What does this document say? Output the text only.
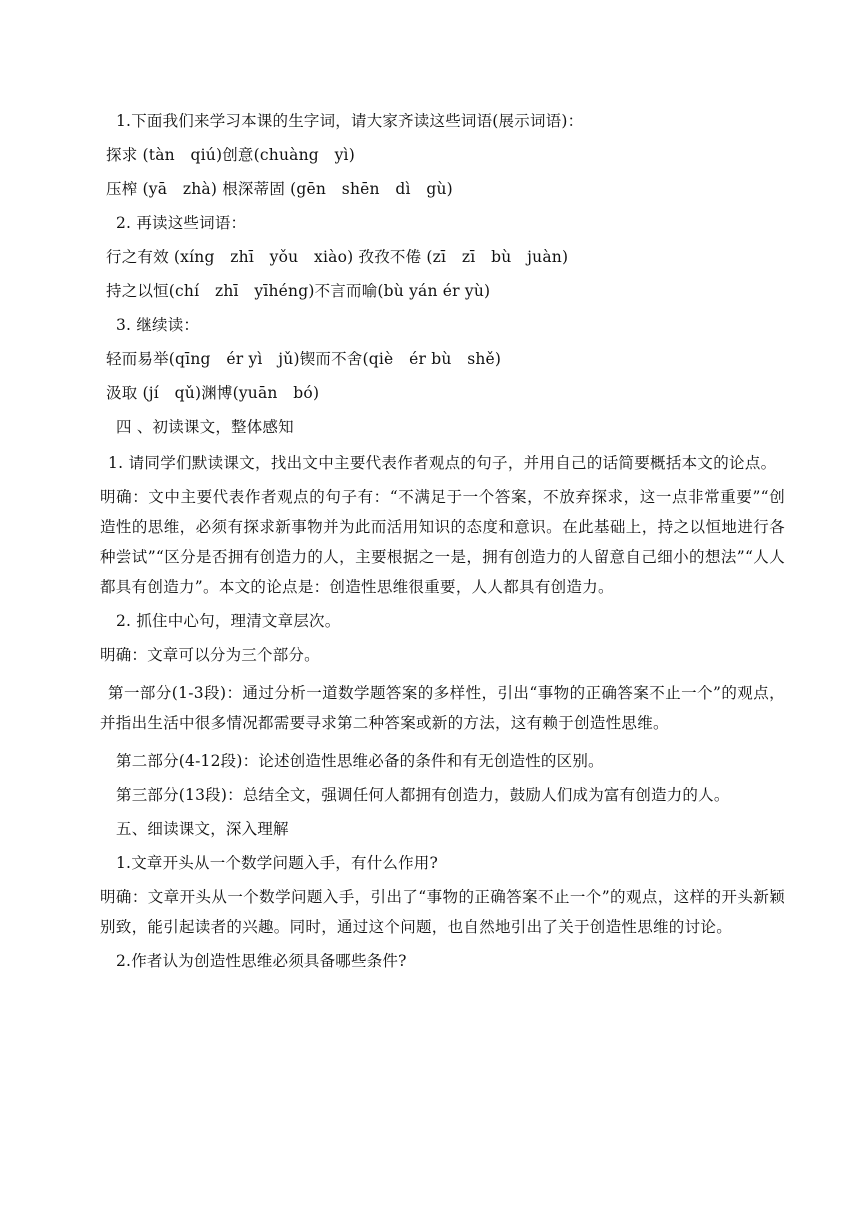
1.下面我们来学习本课的生字词，请大家齐读这些词语(展示词语)：
探求 (tàn　qiú)创意(chuàng　yì)
压榨 (yā　zhà) 根深蒂固 (gēn　shēn　dì　gù)
2. 再读这些词语：
行之有效 (xíng　zhī　yǒu　xiào) 孜孜不倦 (zī　zī　bù　juàn)
持之以恒(chí　zhī　yīhéng)不言而喻(bù yán ér yù)
3. 继续读：
轻而易举(qīng　ér yì　jǔ)锲而不舍(qiè　ér bù　shě)
汲取 (jí　qǔ)渊博(yuān　bó)
四 、初读课文，整体感知
1. 请同学们默读课文，找出文中主要代表作者观点的句子，并用自己的话简要概括本文的论点。
明确：文中主要代表作者观点的句子有：“不满足于一个答案，不放弃探求，这一点非常重要”“创造性的思维，必须有探求新事物并为此而活用知识的态度和意识。在此基础上，持之以恒地进行各种尝试”“区分是否拥有创造力的人，主要根据之一是，拥有创造力的人留意自己细小的想法”“人人都具有创造力”。本文的论点是：创造性思维很重要，人人都具有创造力。
2. 抓住中心句，理清文章层次。
明确：文章可以分为三个部分。
第一部分(1-3段)：通过分析一道数学题答案的多样性，引出“事物的正确答案不止一个”的观点，并指出生活中很多情况都需要寻求第二种答案或新的方法，这有赖于创造性思维。
第二部分(4-12段)：论述创造性思维必备的条件和有无创造性的区别。
第三部分(13段)：总结全文，强调任何人都拥有创造力，鼓励人们成为富有创造力的人。
五、细读课文，深入理解
1.文章开头从一个数学问题入手，有什么作用?
明确：文章开头从一个数学问题入手，引出了“事物的正确答案不止一个”的观点，这样的开头新颖别致，能引起读者的兴趣。同时，通过这个问题，也自然地引出了关于创造性思维的讨论。
2.作者认为创造性思维必须具备哪些条件?
